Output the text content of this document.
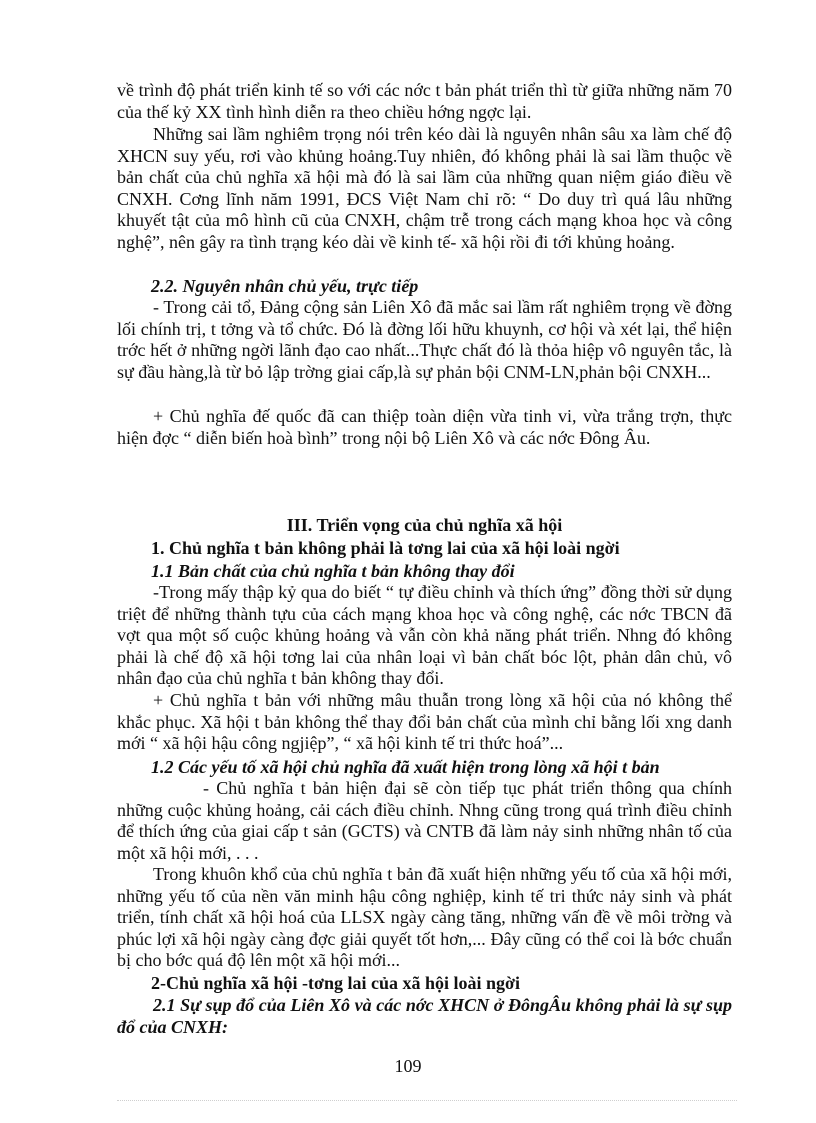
về trình độ phát triển kinh tế so với các nớc t bản phát triển thì từ giữa những năm 70 của thế kỷ XX tình hình diễn ra theo chiều hớng ngợc lại.

Những sai lầm nghiêm trọng nói trên kéo dài là nguyên nhân sâu xa làm chế độ XHCN suy yếu, rơi vào khủng hoảng.Tuy nhiên, đó không phải là sai lầm thuộc về bản chất của chủ nghĩa xã hội mà đó là sai lầm của những quan niệm giáo điều về CNXH. Cơng lĩnh năm 1991, ĐCS Việt Nam chỉ rõ: “ Do duy trì quá lâu những khuyết tật của mô hình cũ của CNXH, chậm trễ trong cách mạng khoa học và công nghệ”, nên gây ra tình trạng kéo dài về kinh tế- xã hội rồi đi tới khủng hoảng.

2.2. Nguyên nhân chủ yếu, trực tiếp

- Trong cải tổ, Đảng cộng sản Liên Xô đã mắc sai lầm rất nghiêm trọng về đờng lối chính trị, t tởng và tổ chức. Đó là đờng lối hữu khuynh, cơ hội và xét lại, thể hiện trớc hết ở những ngời lãnh đạo cao nhất...Thực chất đó là thỏa hiệp vô nguyên tắc, là sự đầu hàng,là từ bỏ lập trờng giai cấp,là sự phản bội CNM-LN,phản bội CNXH...

+ Chủ nghĩa đế quốc đã can thiệp toàn diện vừa tinh vi, vừa trắng trợn, thực hiện đợc “ diễn biến hoà bình” trong nội bộ Liên Xô và các nớc Đông Âu.

III. Triển vọng của chủ nghĩa xã hội

1. Chủ nghĩa t bản không phải là tơng lai của xã hội loài ngời

1.1 Bản chất của chủ nghĩa t bản không thay đổi

-Trong mấy thập kỷ qua do biết “ tự điều chỉnh và thích ứng” đồng thời sử dụng triệt để những thành tựu của cách mạng khoa học và công nghệ, các nớc TBCN đã vợt qua một số cuộc khủng hoảng và vẫn còn khả năng phát triển. Nhng đó không phải là chế độ xã hội tơng lai của nhân loại vì bản chất bóc lột, phản dân chủ, vô nhân đạo của chủ nghĩa t bản không thay đổi.

+ Chủ nghĩa t bản với những mâu thuẫn trong lòng xã hội của nó không thể khắc phục. Xã hội t bản không thể thay đổi bản chất của mình chỉ bằng lối xng danh mới “ xã hội hậu công ngjiệp”, “ xã hội kinh tế tri thức hoá”...

1.2 Các yếu tố xã hội chủ nghĩa đã xuất hiện trong lòng xã hội t bản

- Chủ nghĩa t bản hiện đại sẽ còn tiếp tục phát triển thông qua chính những cuộc khủng hoảng, cải cách điều chỉnh. Nhng cũng trong quá trình điều chỉnh để thích ứng của giai cấp t sản (GCTS) và CNTB đã làm nảy sinh những nhân tố của một xã hội mới, . . .

Trong khuôn khổ của chủ nghĩa t bản đã xuất hiện những yếu tố của xã hội mới, những yếu tố của nền văn minh hậu công nghiệp, kinh tế tri thức nảy sinh và phát triển, tính chất xã hội hoá của LLSX ngày càng tăng, những vấn đề về môi trờng và phúc lợi xã hội ngày càng đợc giải quyết tốt hơn,... Đây cũng có thể coi là bớc chuẩn bị cho bớc quá độ lên một xã hội mới...

2-Chủ nghĩa xã hội -tơng lai của xã hội loài ngời

2.1 Sự sụp đổ của Liên Xô và các nớc XHCN ở ĐôngÂu không phải là sự sụp đổ của CNXH:

109
